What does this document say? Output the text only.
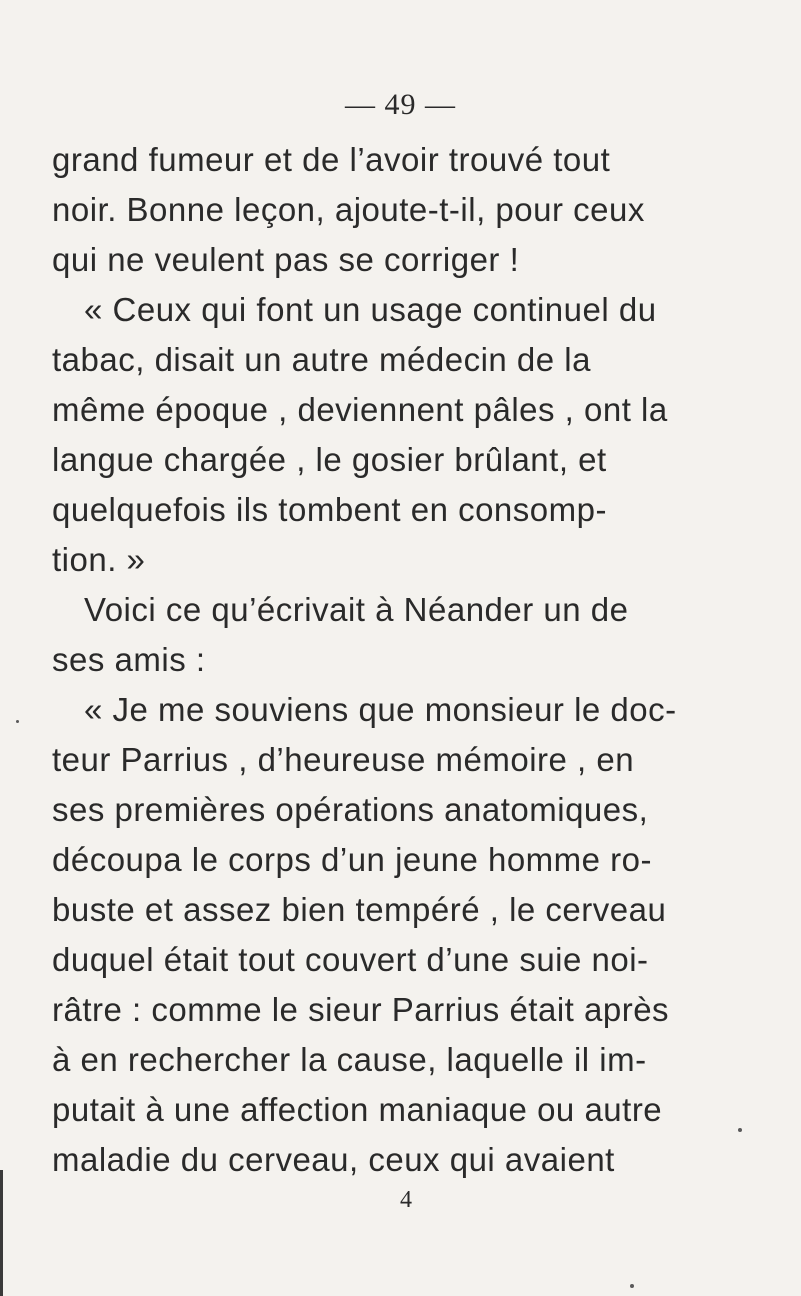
— 49 —
grand fumeur et de l’avoir trouvé tout
noir. Bonne leçon, ajoute-t-il, pour ceux
qui ne veulent pas se corriger !
« Ceux qui font un usage continuel du
tabac, disait un autre médecin de la
même époque , deviennent pâles , ont la
langue chargée , le gosier brûlant, et
quelquefois ils tombent en consomp-
tion. »
Voici ce qu’écrivait à Néander un de
ses amis :
« Je me souviens que monsieur le doc-
teur Parrius , d’heureuse mémoire , en
ses premières opérations anatomiques,
découpa le corps d’un jeune homme ro-
buste et assez bien tempéré , le cerveau
duquel était tout couvert d’une suie noi-
râtre : comme le sieur Parrius était après
à en rechercher la cause, laquelle il im-
putait à une affection maniaque ou autre
maladie du cerveau, ceux qui avaient
4
